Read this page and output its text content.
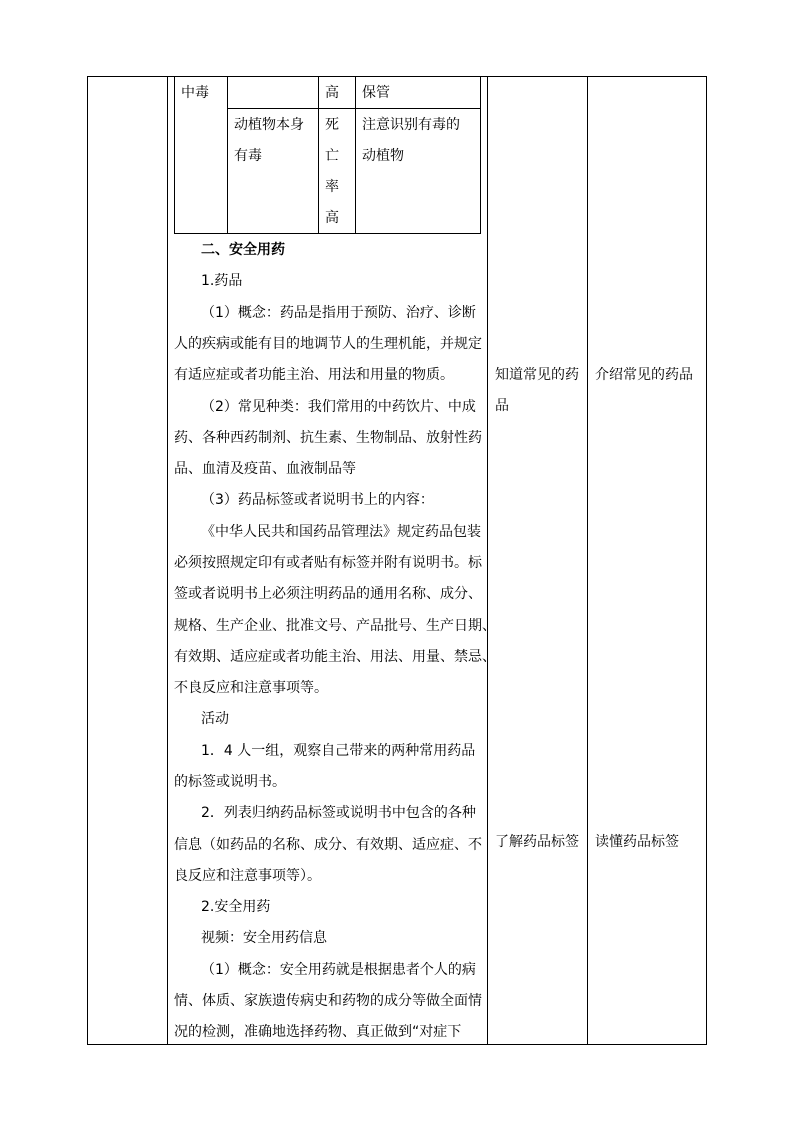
中毒	高 保管
动植物本身
有毒
死
亡
率
高
注意识别有毒的
动植物
二、安全用药
1.药品
（1）概念：药品是指用于预防、治疗、诊断
人的疾病或能有目的地调节人的生理机能，并规定
有适应症或者功能主治、用法和用量的物质。
（2）常见种类：我们常用的中药饮片、中成
药、各种西药制剂、抗生素、生物制品、放射性药
品、血清及疫苗、血液制品等
（3）药品标签或者说明书上的内容：
《中华人民共和国药品管理法》规定药品包装
必须按照规定印有或者贴有标签并附有说明书。标
签或者说明书上必须注明药品的通用名称、成分、
规格、生产企业、批准文号、产品批号、生产日期、
有效期、适应症或者功能主治、用法、用量、禁忌、
不良反应和注意事项等。
活动
1．4 人一组，观察自己带来的两种常用药品
的标签或说明书。
2．列表归纳药品标签或说明书中包含的各种
信息（如药品的名称、成分、有效期、适应症、不
良反应和注意事项等）。
2.安全用药
视频：安全用药信息
（1）概念：安全用药就是根据患者个人的病
情、体质、家族遗传病史和药物的成分等做全面情
况的检测，准确地选择药物、真正做到“对症下
知道常见的药
品
了解药品标签
介绍常见的药品
读懂药品标签
